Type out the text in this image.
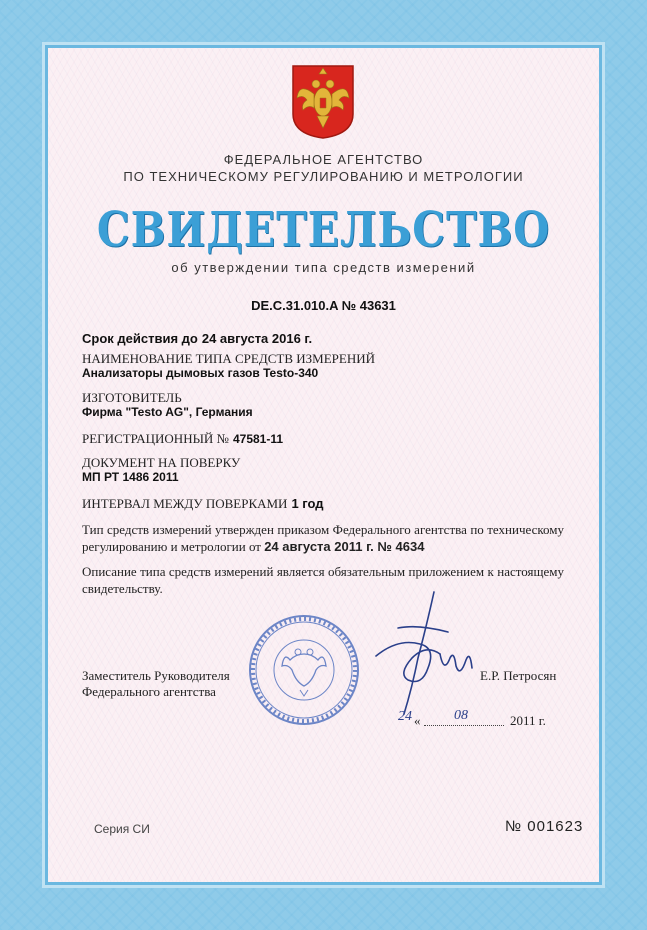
ФЕДЕРАЛЬНОЕ АГЕНТСТВО
ПО ТЕХНИЧЕСКОМУ РЕГУЛИРОВАНИЮ И МЕТРОЛОГИИ
СВИДЕТЕЛЬСТВО
об утверждении типа средств измерений
DE.C.31.010.A № 43631
Срок действия до 24 августа 2016 г.
НАИМЕНОВАНИЕ ТИПА СРЕДСТВ ИЗМЕРЕНИЙ
Анализаторы дымовых газов Testo-340
ИЗГОТОВИТЕЛЬ
Фирма "Testo AG", Германия
РЕГИСТРАЦИОННЫЙ № 47581-11
ДОКУМЕНТ НА ПОВЕРКУ
МП РТ 1486 2011
ИНТЕРВАЛ МЕЖДУ ПОВЕРКАМИ 1 год
Тип средств измерений утвержден приказом Федерального агентства по техническому регулированию и метрологии от 24 августа 2011 г. № 4634
Описание типа средств измерений является обязательным приложением к настоящему свидетельству.
Заместитель Руководителя
Федерального агентства
Е.Р. Петросян
24 « 08	2011 г.
Серия СИ	№ 001623
